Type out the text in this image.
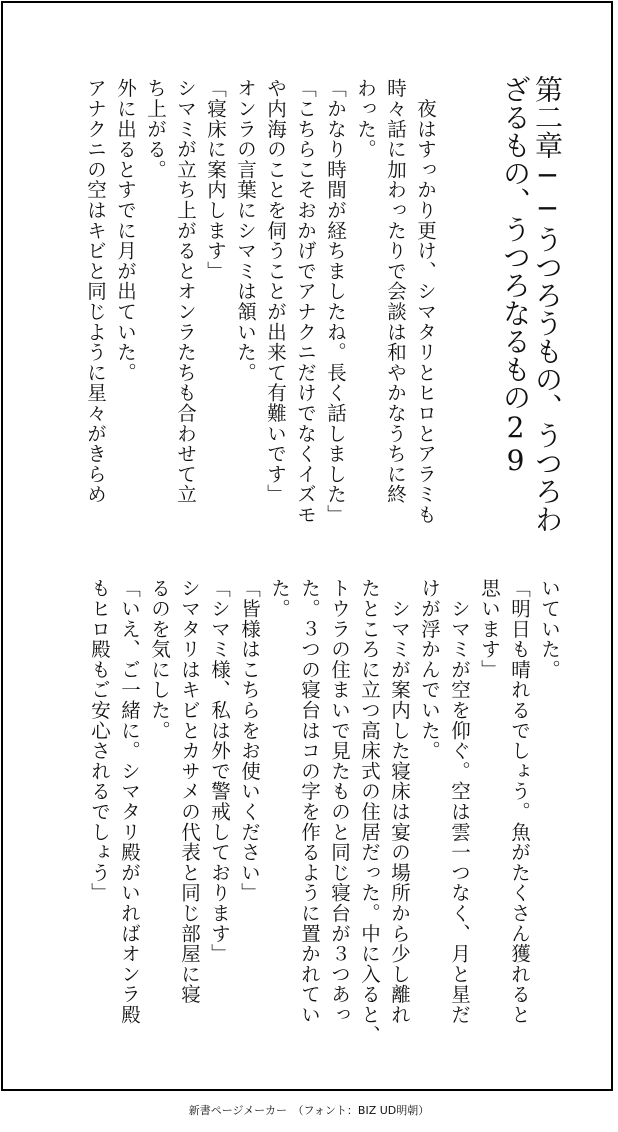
第二章──うつろうもの、うつろわ
ざるもの、うつろなるもの29
　夜はすっかり更け、シマタリとヒロとアラミも
時々話に加わったりで会談は和やかなうちに終
わった。
「かなり時間が経ちましたね。長く話しました」
「こちらこそおかげでアナクニだけでなくイズモ
や内海のことを伺うことが出来て有難いです」
オンラの言葉にシマミは頷いた。
「寝床に案内します」
シマミが立ち上がるとオンラたちも合わせて立
ち上がる。
外に出るとすでに月が出ていた。
アナクニの空はキビと同じように星々がきらめ
いていた。
「明日も晴れるでしょう。魚がたくさん獲れると
思います」
　シマミが空を仰ぐ。空は雲一つなく、月と星だ
けが浮かんでいた。
　シマミが案内した寝床は宴の場所から少し離れ
たところに立つ高床式の住居だった。中に入ると、
トウラの住まいで見たものと同じ寝台が３つあっ
た。３つの寝台はコの字を作るように置かれてい
た。
「皆様はこちらをお使いください」
「シマミ様、私は外で警戒しております」
シマタリはキビとカサメの代表と同じ部屋に寝
るのを気にした。
「いえ、ご一緒に。シマタリ殿がいればオンラ殿
もヒロ殿もご安心されるでしょう」
新書ページメーカー　（フォント：BIZ UD明朝）
